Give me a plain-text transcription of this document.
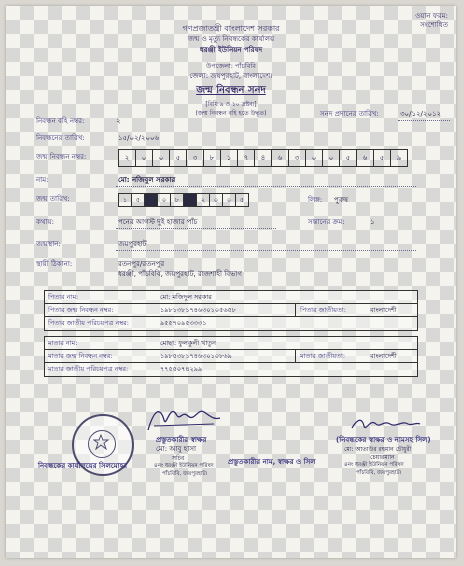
ওয়ান ফরম:
সংশোধিত
গণপ্রজাতন্ত্রী বাংলাদেশ সরকার
জন্ম ও মৃত্যু নিবন্ধকের কার্যালয়
ধরঞ্জী ইউনিয়ন পরিষদ
উপজেলা: পাঁচবিবি
জেলা: জয়পুরহাট, বাংলাদেশ।
জন্ম নিবন্ধন সনদ
[বিধি ৯ ও ১০ দ্রষ্টব্য]
(জন্ম নিবন্ধন বহি হতে উদ্ধৃত)
নিবন্ধন বহি নম্বর:	২
সনদ প্রদানের তারিখ:	৩০/১২/২০১২
নিবন্ধনের তারিখ:	১৫/০২/২০০৬
জন্ম নিবন্ধন নম্বর:	২	০	০	৫	৩	৮	১	৭	৪	৬	৩	০	০	৫	৬	৫	৯
নাম:	মো: নজিবুল সরকার
জন্ম তারিখ:	১	৫	০	৮	২	০	০	৫	লিঙ্গ: পুরুষ
কথায়:	পনের আগস্ট দুই হাজার পাঁচ	সন্তানের ক্রম:	১
জন্মস্থান:	জয়পুরহাট
স্থায়ী ঠিকানা:	রতনপুর/রতনপুর
ধরঞ্জী, পাঁচবিবি, জয়পুরহাট, রাজশাহী বিভাগ
পিতার নাম:	মো: মজিদুল সরকার
পিতার জন্ম নিবন্ধন নম্বর:	১৯৮১৩৮১৭৪৬৩০১০৫৬৫৮	পিতার জাতীয়তা:	বাংলাদেশী
পিতার জাতীয় পরিচয়পত্র নম্বর:	৯৫৫৭০৯৫৩৩৩১
মাতার নাম:	মোছা: ফুলকুলী খাতুন
মাতার জন্ম নিবন্ধন নম্বর:	১৯৮৫৩৮১৭৪৬৩০১০৮৬৯	মাতার জাতীয়তা:	বাংলাদেশী
মাতার জাতীয় পরিচয়পত্র নম্বর:	৭৭৫৫০৭৪২৯৯
নিবন্ধকের কার্যালয়ের সিলমোহর
প্রস্তুতকারীর স্বাক্ষর
মো: আবু হাসা
সচিব
৪নং ধরঞ্জী ইউনিয়ন পরিষদ
পাঁচবিবি, জয়পুরহাট।
প্রস্তুতকারীর নাম, স্বাক্ষর ও সিল
(নিবন্ধকের স্বাক্ষর ও নামসহ সিল)
মো: আতাউর রহমান চৌধুরী
চেয়ারম্যান
৪নং ধরঞ্জী ইউনিয়ন পরিষদ
পাঁচবিবি, জয়পুরহাট।
